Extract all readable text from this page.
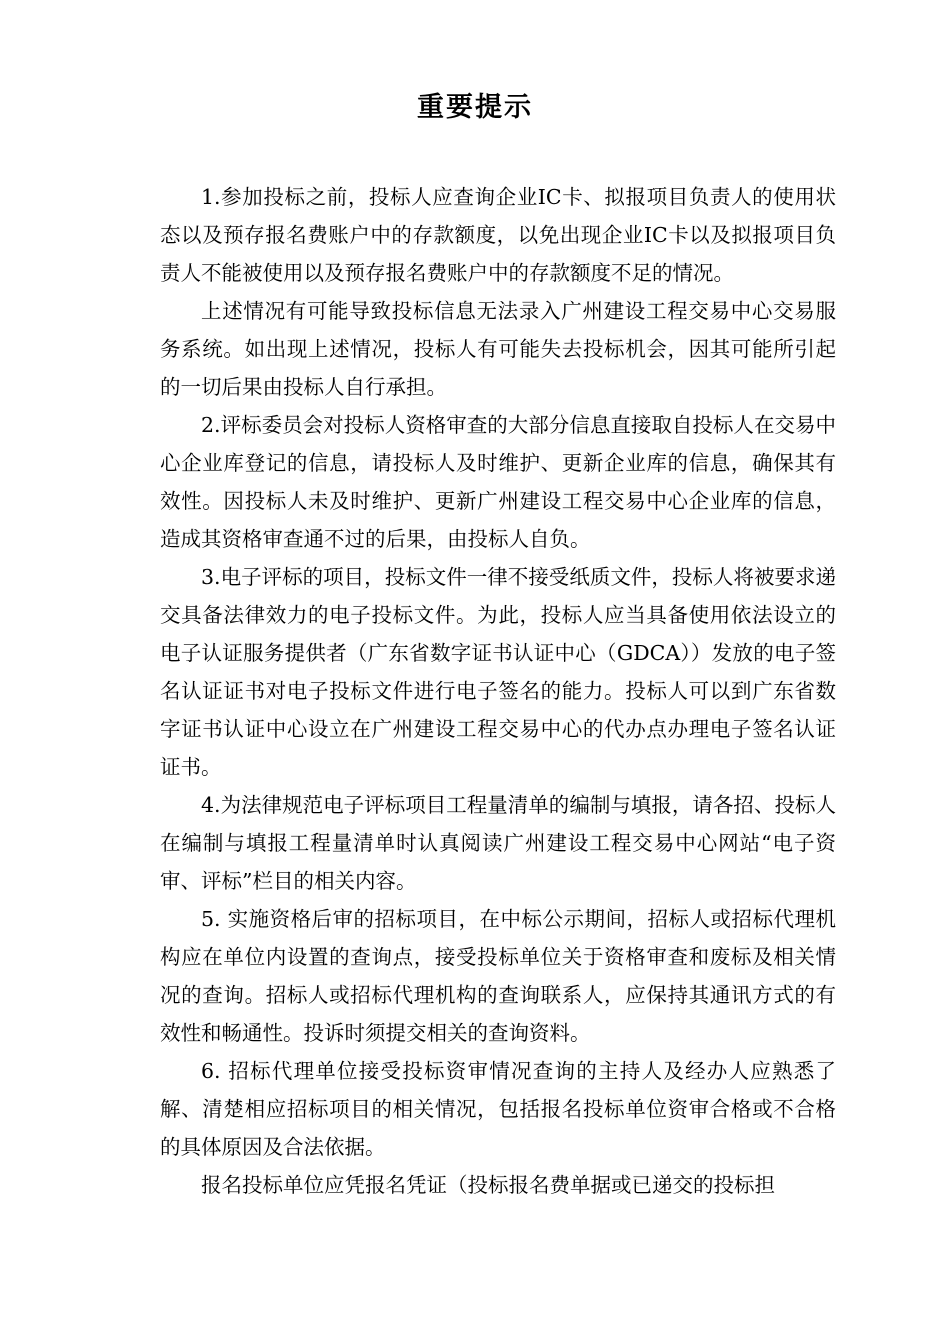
重要提示

1.参加投标之前，投标人应查询企业IC卡、拟报项目负责人的使用状态以及预存报名费账户中的存款额度，以免出现企业IC卡以及拟报项目负责人不能被使用以及预存报名费账户中的存款额度不足的情况。

上述情况有可能导致投标信息无法录入广州建设工程交易中心交易服务系统。如出现上述情况，投标人有可能失去投标机会，因其可能所引起的一切后果由投标人自行承担。

2.评标委员会对投标人资格审查的大部分信息直接取自投标人在交易中心企业库登记的信息，请投标人及时维护、更新企业库的信息，确保其有效性。因投标人未及时维护、更新广州建设工程交易中心企业库的信息，造成其资格审查通不过的后果，由投标人自负。

3.电子评标的项目，投标文件一律不接受纸质文件，投标人将被要求递交具备法律效力的电子投标文件。为此，投标人应当具备使用依法设立的电子认证服务提供者（广东省数字证书认证中心（GDCA））发放的电子签名认证证书对电子投标文件进行电子签名的能力。投标人可以到广东省数字证书认证中心设立在广州建设工程交易中心的代办点办理电子签名认证证书。

4.为法律规范电子评标项目工程量清单的编制与填报，请各招、投标人在编制与填报工程量清单时认真阅读广州建设工程交易中心网站“电子资审、评标”栏目的相关内容。

5. 实施资格后审的招标项目，在中标公示期间，招标人或招标代理机构应在单位内设置的查询点，接受投标单位关于资格审查和废标及相关情况的查询。招标人或招标代理机构的查询联系人，应保持其通讯方式的有效性和畅通性。投诉时须提交相关的查询资料。

6. 招标代理单位接受投标资审情况查询的主持人及经办人应熟悉了解、清楚相应招标项目的相关情况，包括报名投标单位资审合格或不合格的具体原因及合法依据。

报名投标单位应凭报名凭证（投标报名费单据或已递交的投标担
